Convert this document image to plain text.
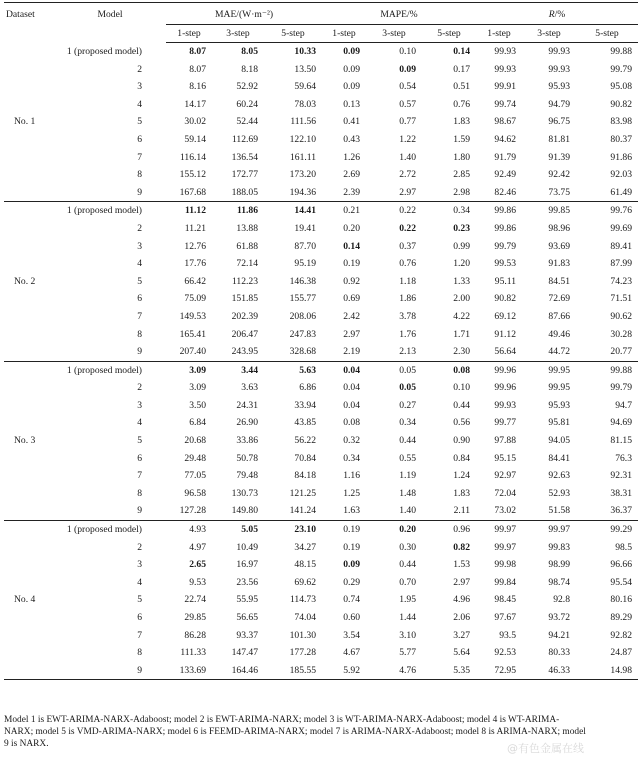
Dataset	Model	MAE/(W·m⁻²)			MAPE/%			R/%		
		1-step	3-step	5-step	1-step	3-step	5-step	1-step	3-step	5-step
No. 1	1 (proposed model)	8.07	8.05	10.33	0.09	0.10	0.14	99.93	99.93	99.88
	2	8.07	8.18	13.50	0.09	0.09	0.17	99.93	99.93	99.79
	3	8.16	52.92	59.64	0.09	0.54	0.51	99.91	95.93	95.08
	4	14.17	60.24	78.03	0.13	0.57	0.76	99.74	94.79	90.82
	5	30.02	52.44	111.56	0.41	0.77	1.83	98.67	96.75	83.98
	6	59.14	112.69	122.10	0.43	1.22	1.59	94.62	81.81	80.37
	7	116.14	136.54	161.11	1.26	1.40	1.80	91.79	91.39	91.86
	8	155.12	172.77	173.20	2.69	2.72	2.85	92.49	92.42	92.03
	9	167.68	188.05	194.36	2.39	2.97	2.98	82.46	73.75	61.49
No. 2	1 (proposed model)	11.12	11.86	14.41	0.21	0.22	0.34	99.86	99.85	99.76
	2	11.21	13.88	19.41	0.20	0.22	0.23	99.86	98.96	99.69
	3	12.76	61.88	87.70	0.14	0.37	0.99	99.79	93.69	89.41
	4	17.76	72.14	95.19	0.19	0.76	1.20	99.53	91.83	87.99
	5	66.42	112.23	146.38	0.92	1.18	1.33	95.11	84.51	74.23
	6	75.09	151.85	155.77	0.69	1.86	2.00	90.82	72.69	71.51
	7	149.53	202.39	208.06	2.42	3.78	4.22	69.12	87.66	90.62
	8	165.41	206.47	247.83	2.97	1.76	1.71	91.12	49.46	30.28
	9	207.40	243.95	328.68	2.19	2.13	2.30	56.64	44.72	20.77
No. 3	1 (proposed model)	3.09	3.44	5.63	0.04	0.05	0.08	99.96	99.95	99.88
	2	3.09	3.63	6.86	0.04	0.05	0.10	99.96	99.95	99.79
	3	3.50	24.31	33.94	0.04	0.27	0.44	99.93	95.93	94.7
	4	6.84	26.90	43.85	0.08	0.34	0.56	99.77	95.81	94.69
	5	20.68	33.86	56.22	0.32	0.44	0.90	97.88	94.05	81.15
	6	29.48	50.78	70.84	0.34	0.55	0.84	95.15	84.41	76.3
	7	77.05	79.48	84.18	1.16	1.19	1.24	92.97	92.63	92.31
	8	96.58	130.73	121.25	1.25	1.48	1.83	72.04	52.93	38.31
	9	127.28	149.80	141.24	1.63	1.40	2.11	73.02	51.58	36.37
No. 4	1 (proposed model)	4.93	5.05	23.10	0.19	0.20	0.96	99.97	99.97	99.29
	2	4.97	10.49	34.27	0.19	0.30	0.82	99.97	99.83	98.5
	3	2.65	16.97	48.15	0.09	0.44	1.53	99.98	98.99	96.66
	4	9.53	23.56	69.62	0.29	0.70	2.97	99.84	98.74	95.54
	5	22.74	55.95	114.73	0.74	1.95	4.96	98.45	92.8	80.16
	6	29.85	56.65	74.04	0.60	1.44	2.06	97.67	93.72	89.29
	7	86.28	93.37	101.30	3.54	3.10	3.27	93.5	94.21	92.82
	8	111.33	147.47	177.28	4.67	5.77	5.64	92.53	80.33	24.87
	9	133.69	164.46	185.55	5.92	4.76	5.35	72.95	46.33	14.98
Model 1 is EWT-ARIMA-NARX-Adaboost; model 2 is EWT-ARIMA-NARX; model 3 is WT-ARIMA-NARX-Adaboost; model 4 is WT-ARIMA-NARX; model 5 is VMD-ARIMA-NARX; model 6 is FEEMD-ARIMA-NARX; model 7 is ARIMA-NARX-Adaboost; model 8 is ARIMA-NARX; model 9 is NARX.	@有色金属在线
